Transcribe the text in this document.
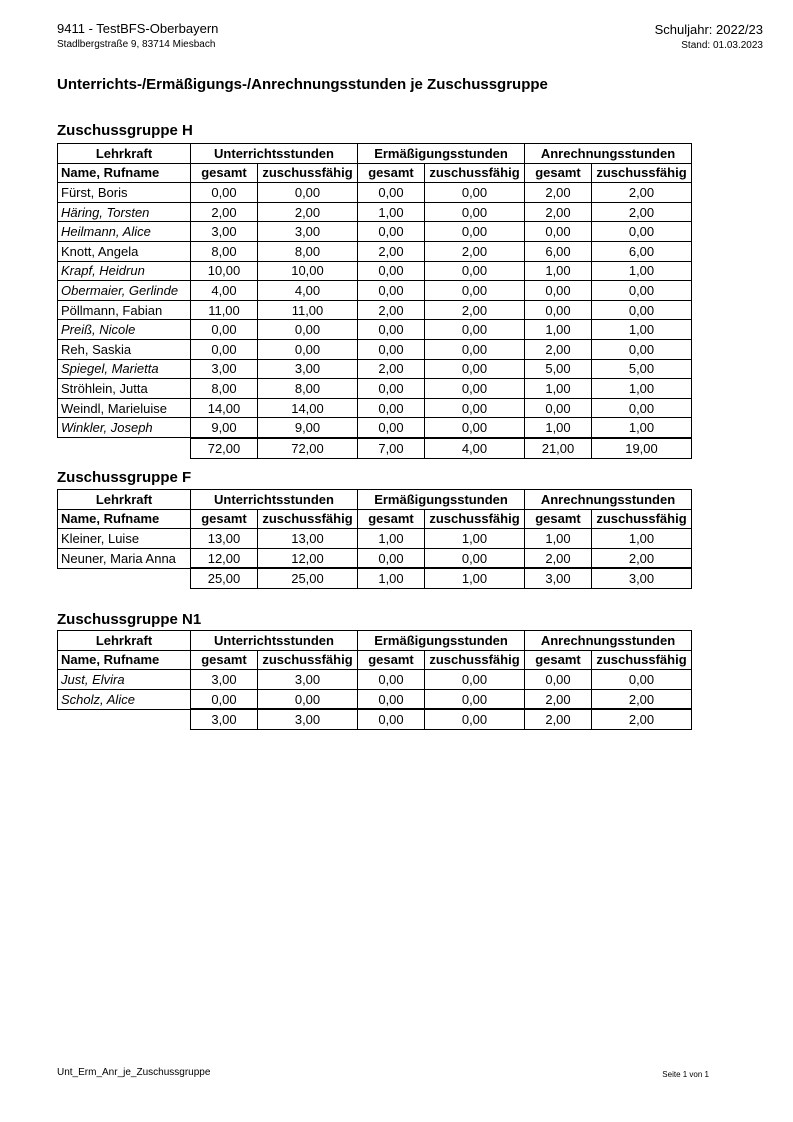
9411 - TestBFS-Oberbayern
Stadlbergstraße 9, 83714 Miesbach
Schuljahr: 2022/23
Stand: 01.03.2023
Unterrichts-/Ermäßigungs-/Anrechnungsstunden je Zuschussgruppe
Zuschussgruppe H
Lehrkraft	Unterrichtsstunden		Ermäßigungsstunden		Anrechnungsstunden	
Name, Rufname	gesamt	zuschussfähig	gesamt	zuschussfähig	gesamt	zuschussfähig
Fürst, Boris	0,00	0,00	0,00	0,00	2,00	2,00
Häring, Torsten	2,00	2,00	1,00	0,00	2,00	2,00
Heilmann, Alice	3,00	3,00	0,00	0,00	0,00	0,00
Knott, Angela	8,00	8,00	2,00	2,00	6,00	6,00
Krapf, Heidrun	10,00	10,00	0,00	0,00	1,00	1,00
Obermaier, Gerlinde	4,00	4,00	0,00	0,00	0,00	0,00
Pöllmann, Fabian	11,00	11,00	2,00	2,00	0,00	0,00
Preiß, Nicole	0,00	0,00	0,00	0,00	1,00	1,00
Reh, Saskia	0,00	0,00	0,00	0,00	2,00	0,00
Spiegel, Marietta	3,00	3,00	2,00	0,00	5,00	5,00
Ströhlein, Jutta	8,00	8,00	0,00	0,00	1,00	1,00
Weindl, Marieluise	14,00	14,00	0,00	0,00	0,00	0,00
Winkler, Joseph	9,00	9,00	0,00	0,00	1,00	1,00
	72,00	72,00	7,00	4,00	21,00	19,00
Zuschussgruppe F
Lehrkraft	Unterrichtsstunden		Ermäßigungsstunden		Anrechnungsstunden	
Name, Rufname	gesamt	zuschussfähig	gesamt	zuschussfähig	gesamt	zuschussfähig
Kleiner, Luise	13,00	13,00	1,00	1,00	1,00	1,00
Neuner, Maria Anna	12,00	12,00	0,00	0,00	2,00	2,00
	25,00	25,00	1,00	1,00	3,00	3,00
Zuschussgruppe N1
Lehrkraft	Unterrichtsstunden		Ermäßigungsstunden		Anrechnungsstunden	
Name, Rufname	gesamt	zuschussfähig	gesamt	zuschussfähig	gesamt	zuschussfähig
Just, Elvira	3,00	3,00	0,00	0,00	0,00	0,00
Scholz, Alice	0,00	0,00	0,00	0,00	2,00	2,00
	3,00	3,00	0,00	0,00	2,00	2,00
Unt_Erm_Anr_je_Zuschussgruppe	Seite 1 von 1
